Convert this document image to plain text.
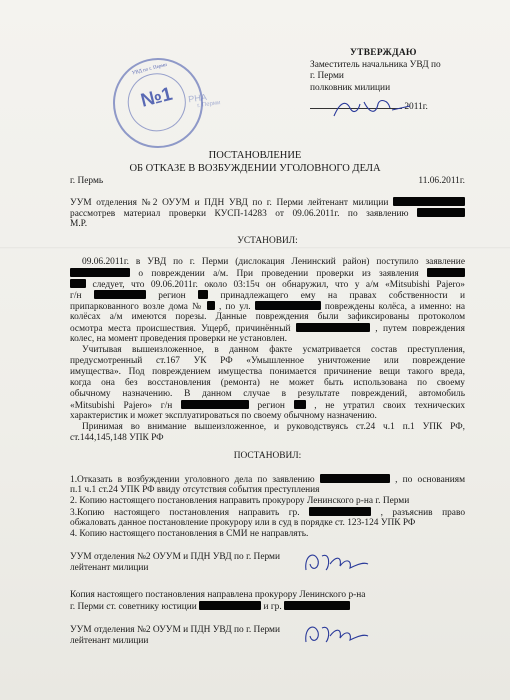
УТВЕРЖДАЮ
Заместитель начальника УВД по
г. Перми
полковник милиции
2011г.
УВД по г. Перми
№1	РНА
г. Перми
ПОСТАНОВЛЕНИЕ
ОБ ОТКАЗЕ В ВОЗБУЖДЕНИИ УГОЛОВНОГО ДЕЛА
г. Пермь	11.06.2011г.
УУМ отделения №2 ОУУМ и ПДН УВД по г. Перми лейтенант милиции
рассмотрев материал проверки КУСП-14283 от 09.06.2011г. по заявлению
М.Р.
УСТАНОВИЛ:
09.06.2011г. в УВД по г. Перми (дислокация Ленинский район) поступило заявление
о повреждении а/м. При проведении проверки из заявления
следует, что 09.06.2011г. около 03:15ч он обнаружил, что у а/м «Mitsubishi Pajero»
г/н	регион	принадлежащего ему на правах собственности и
припаркованного возле дома № , по ул.	повреждены колёса, а именно: на
колёсах а/м имеются порезы. Данные повреждения были зафиксированы протоколом
осмотра места происшествия. Ущерб, причинённый	, путем повреждения
колес, на момент проведения проверки не установлен.
Учитывая вышеизложенное, в данном факте усматривается состав преступления,
предусмотренный ст.167 УК РФ «Умышленное уничтожение или повреждение
имущества». Под повреждением имущества понимается причинение вещи такого вреда,
когда она без восстановления (ремонта) не может быть использована по своему
обычному назначению. В данном случае в результате повреждений, автомобиль
«Mitsubishi Pajero» г/н	регион	, не утратил своих технических
характеристик и может эксплуатироваться по своему обычному назначению.
Принимая во внимание вышеизложенное, и руководствуясь ст.24 ч.1 п.1 УПК РФ,
ст.144,145,148 УПК РФ
ПОСТАНОВИЛ:
1.Отказать в возбуждении уголовного дела по заявлению	, по основаниям
п.1 ч.1 ст.24 УПК РФ ввиду отсутствия события преступления
2. Копию настоящего постановления направить прокурору Ленинского р-на г. Перми
3.Копию настоящего постановления направить гр.	, разъяснив право
обжаловать данное постановление прокурору или в суд в порядке ст. 123-124 УПК РФ
4. Копию настоящего постановления в СМИ не направлять.
УУМ отделения №2 ОУУМ и ПДН УВД по г. Перми
лейтенант милиции
Копия настоящего постановления направлена прокурору Ленинского р-на
г. Перми ст. советнику юстиции	и гр.
УУМ отделения №2 ОУУМ и ПДН УВД по г. Перми
лейтенант милиции
